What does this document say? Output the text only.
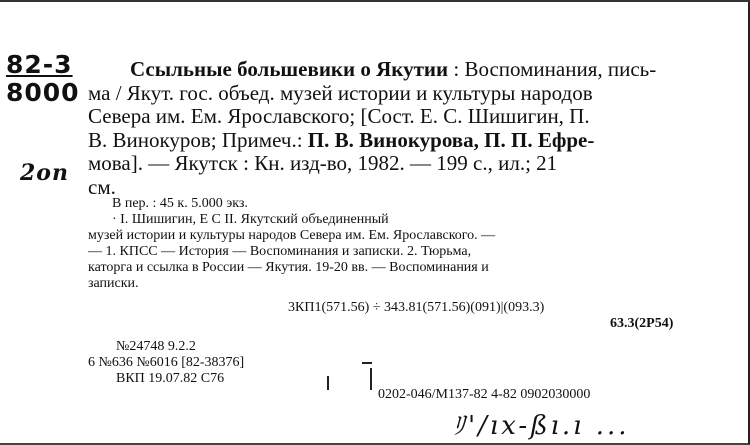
82-3
8000
2оп
Ссыльные большевики о Якутии : Воспоминания, пись-
ма / Якут. гос. объед. музей истории и культуры народов
Севера им. Ем. Ярославского; [Сост. Е. С. Шишигин, П.
В. Винокуров; Примеч.: П. В. Винокурова, П. П. Ефре-
мова]. — Якутск : Кн. изд-во, 1982. — 199 с., ил.; 21
см.
В пер. : 45 к. 5.000 экз.
· I. Шишигин, Е С II. Якутский объединенный
музей истории и культуры народов Севера им. Ем. Ярославского. —
— 1. КПСС — История — Воспоминания и записки. 2. Тюрьма,
каторга и ссылка в России — Якутия. 19-20 вв. — Воспоминания и
записки.
3КП1(571.56) ÷ 343.81(571.56)(091)|(093.3)
63.3(2Р54)
№24748 9.2.2
6 №636 №6016 [82-38376]
ВКП 19.07.82 С76
0202-046/М137-82 4-82 0902030000
ﾘ'/ıx-ßı.ı ...
